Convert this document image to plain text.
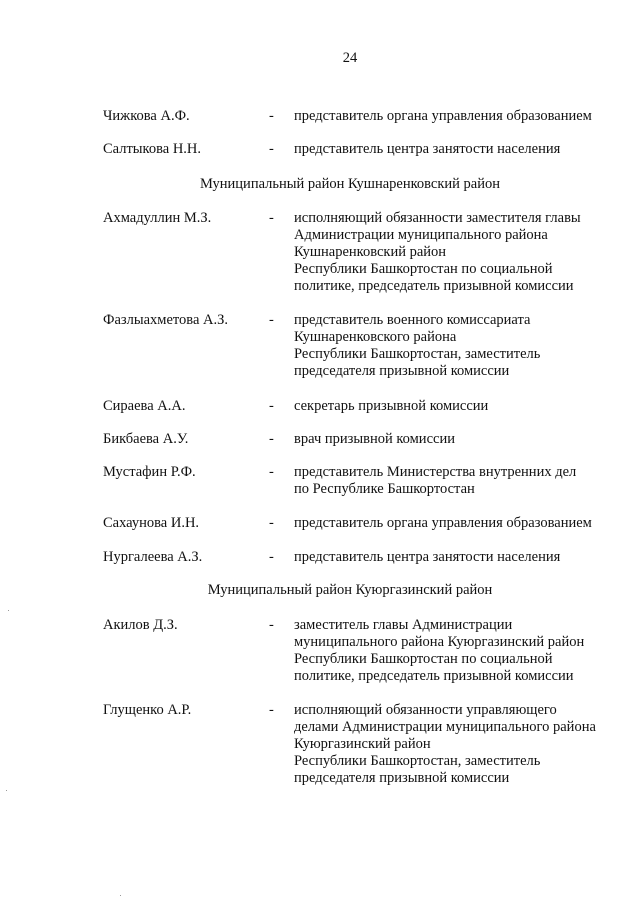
24
Чижкова А.Ф.	- представитель органа управления образованием
Салтыкова Н.Н.	- представитель центра занятости населения
Муниципальный район Кушнаренковский район
Ахмадуллин М.З.	- исполняющий обязанности заместителя главы
Администрации муниципального района
Кушнаренковский район
Республики Башкортостан по социальной
политике, председатель призывной комиссии
Фазлыахметова А.З.	- представитель военного комиссариата
Кушнаренковского района
Республики Башкортостан, заместитель
председателя призывной комиссии
Сираева А.А.	- секретарь призывной комиссии
Бикбаева А.У.	- врач призывной комиссии
Мустафин Р.Ф.	- представитель Министерства внутренних дел
по Республике Башкортостан
Сахаунова И.Н.	- представитель органа управления образованием
Нургалеева А.З.	- представитель центра занятости населения
Муниципальный район Куюргазинский район
Акилов Д.З.	- заместитель главы Администрации
муниципального района Куюргазинский район
Республики Башкортостан по социальной
политике, председатель призывной комиссии
Глущенко А.Р.	- исполняющий обязанности управляющего
делами Администрации муниципального района
Куюргазинский район
Республики Башкортостан, заместитель
председателя призывной комиссии
